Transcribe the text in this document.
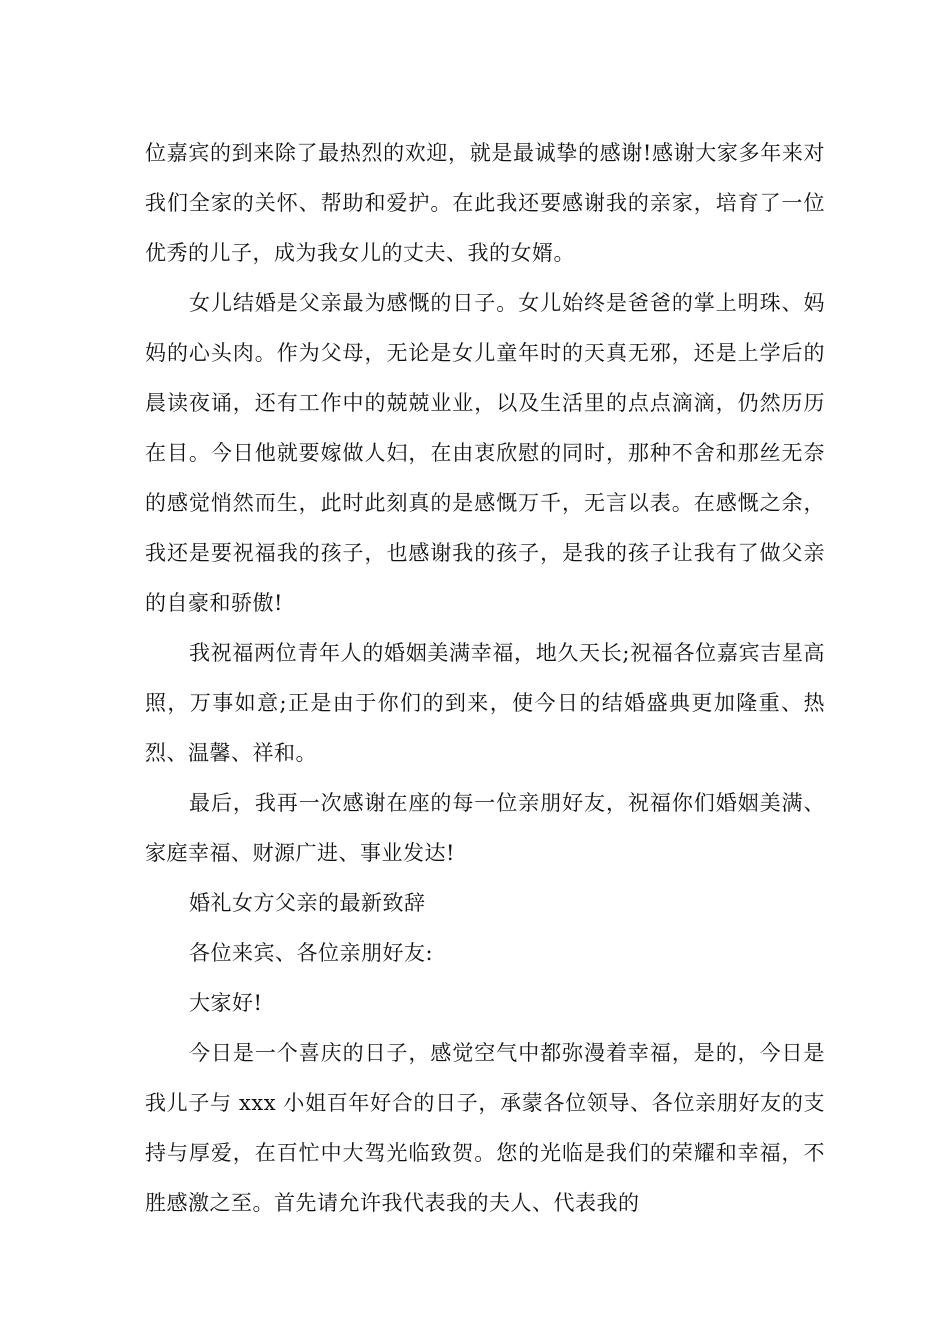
位嘉宾的到来除了最热烈的欢迎，就是最诚挚的感谢!感谢大家多年来对我们全家的关怀、帮助和爱护。在此我还要感谢我的亲家，培育了一位优秀的儿子，成为我女儿的丈夫、我的女婿。

女儿结婚是父亲最为感慨的日子。女儿始终是爸爸的掌上明珠、妈妈的心头肉。作为父母，无论是女儿童年时的天真无邪，还是上学后的晨读夜诵，还有工作中的兢兢业业，以及生活里的点点滴滴，仍然历历在目。今日他就要嫁做人妇，在由衷欣慰的同时，那种不舍和那丝无奈的感觉悄然而生，此时此刻真的是感慨万千，无言以表。在感慨之余，我还是要祝福我的孩子，也感谢我的孩子，是我的孩子让我有了做父亲的自豪和骄傲!

我祝福两位青年人的婚姻美满幸福，地久天长;祝福各位嘉宾吉星高照，万事如意;正是由于你们的到来，使今日的结婚盛典更加隆重、热烈、温馨、祥和。

最后，我再一次感谢在座的每一位亲朋好友，祝福你们婚姻美满、家庭幸福、财源广进、事业发达!

婚礼女方父亲的最新致辞

各位来宾、各位亲朋好友:

大家好!

今日是一个喜庆的日子，感觉空气中都弥漫着幸福，是的，今日是我儿子与 xxx 小姐百年好合的日子，承蒙各位领导、各位亲朋好友的支持与厚爱，在百忙中大驾光临致贺。您的光临是我们的荣耀和幸福，不胜感激之至。首先请允许我代表我的夫人、代表我的
